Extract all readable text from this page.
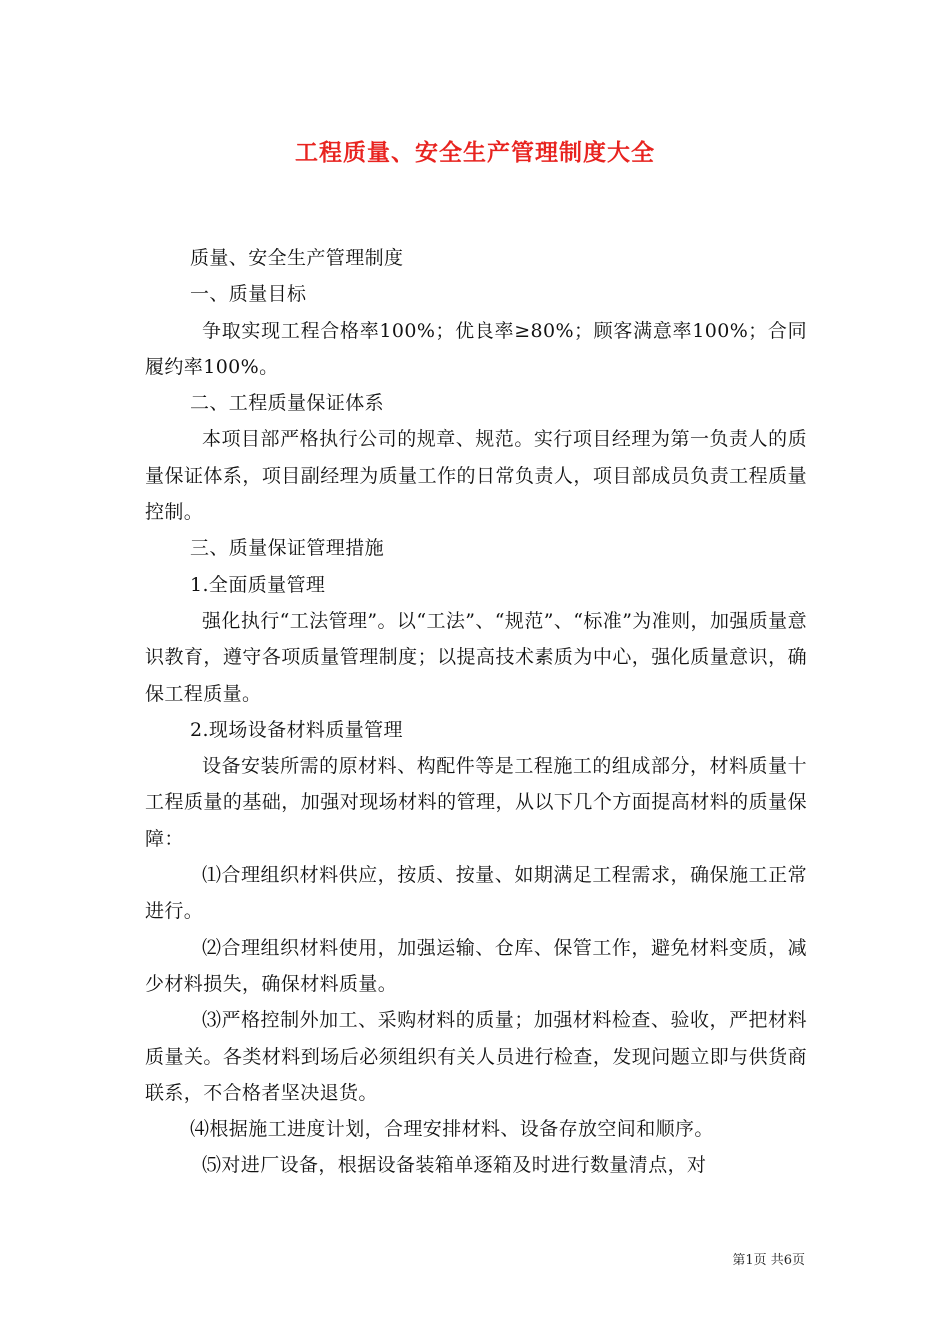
工程质量、安全生产管理制度大全

质量、安全生产管理制度

一、质量目标

争取实现工程合格率100%；优良率≥80%；顾客满意率100%；合同履约率100%。

二、工程质量保证体系

本项目部严格执行公司的规章、规范。实行项目经理为第一负责人的质量保证体系，项目副经理为质量工作的日常负责人，项目部成员负责工程质量控制。

三、质量保证管理措施

1.全面质量管理

强化执行“工法管理”。以“工法”、“规范”、“标准”为准则，加强质量意识教育，遵守各项质量管理制度；以提高技术素质为中心，强化质量意识，确保工程质量。

2.现场设备材料质量管理

设备安装所需的原材料、构配件等是工程施工的组成部分，材料质量十工程质量的基础，加强对现场材料的管理，从以下几个方面提高材料的质量保障：

⑴合理组织材料供应，按质、按量、如期满足工程需求，确保施工正常进行。

⑵合理组织材料使用，加强运输、仓库、保管工作，避免材料变质，减少材料损失，确保材料质量。

⑶严格控制外加工、采购材料的质量；加强材料检查、验收，严把材料质量关。各类材料到场后必须组织有关人员进行检查，发现问题立即与供货商联系，不合格者坚决退货。

⑷根据施工进度计划，合理安排材料、设备存放空间和顺序。

⑸对进厂设备，根据设备装箱单逐箱及时进行数量清点，对

第1页 共6页
